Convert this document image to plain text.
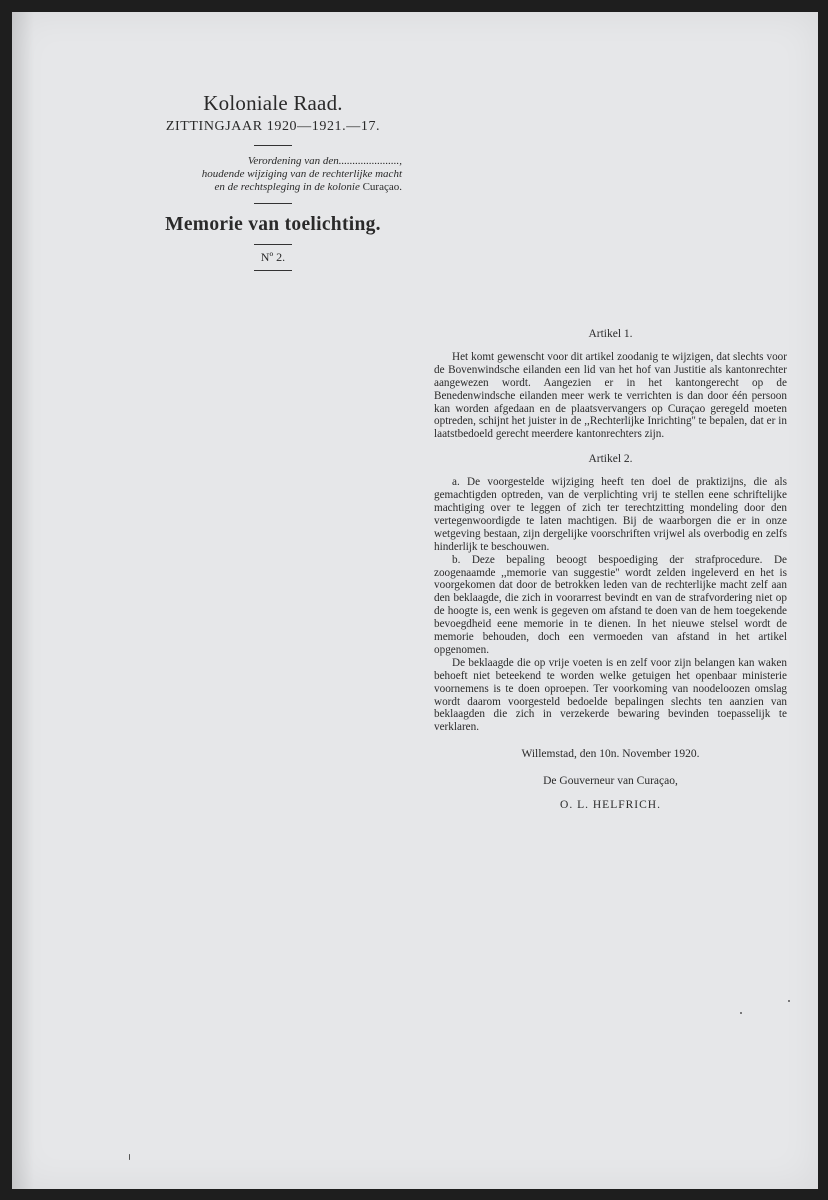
Koloniale Raad.
ZITTINGJAAR 1920—1921.—17.
Verordening van den......................,
houdende wijziging van de rechterlijke macht
en de rechtspleging in de kolonie Curaçao.
Memorie van toelichting.
Nº 2.
Artikel 1.

Het komt gewenscht voor dit artikel zoodanig te wijzigen, dat slechts voor de Bovenwindsche eilanden een lid van het hof van Justitie als kantonrechter aangewezen wordt. Aangezien er in het kantongerecht op de Benedenwindsche eilanden meer werk te verrichten is dan door één persoon kan worden afgedaan en de plaatsvervangers op Curaçao geregeld moeten optreden, schijnt het juister in de ,,Rechterlijke Inrichting'' te bepalen, dat er in laatstbedoeld gerecht meerdere kantonrechters zijn.

Artikel 2.

a. De voorgestelde wijziging heeft ten doel de praktizijns, die als gemachtigden optreden, van de verplichting vrij te stellen eene schriftelijke machtiging over te leggen of zich ter terechtzitting mondeling door den vertegenwoordigde te laten machtigen. Bij de waarborgen die er in onze wetgeving bestaan, zijn dergelijke voorschriften vrijwel als overbodig en zelfs hinderlijk te beschouwen.

b. Deze bepaling beoogt bespoediging der strafprocedure. De zoogenaamde ,,memorie van suggestie'' wordt zelden ingeleverd en het is voorgekomen dat door de betrokken leden van de rechterlijke macht zelf aan den beklaagde, die zich in voorarrest bevindt en van de strafvordering niet op de hoogte is, een wenk is gegeven om afstand te doen van de hem toegekende bevoegdheid eene memorie in te dienen. In het nieuwe stelsel wordt de memorie behouden, doch een vermoeden van afstand in het artikel opgenomen.

De beklaagde die op vrije voeten is en zelf voor zijn belangen kan waken behoeft niet beteekend te worden welke getuigen het openbaar ministerie voornemens is te doen oproepen. Ter voorkoming van noodeloozen omslag wordt daarom voorgesteld bedoelde bepalingen slechts ten aanzien van beklaagden die zich in verzekerde bewaring bevinden toepasselijk te verklaren.

Willemstad, den 10n. November 1920.
De Gouverneur van Curaçao,
O. L. HELFRICH.
